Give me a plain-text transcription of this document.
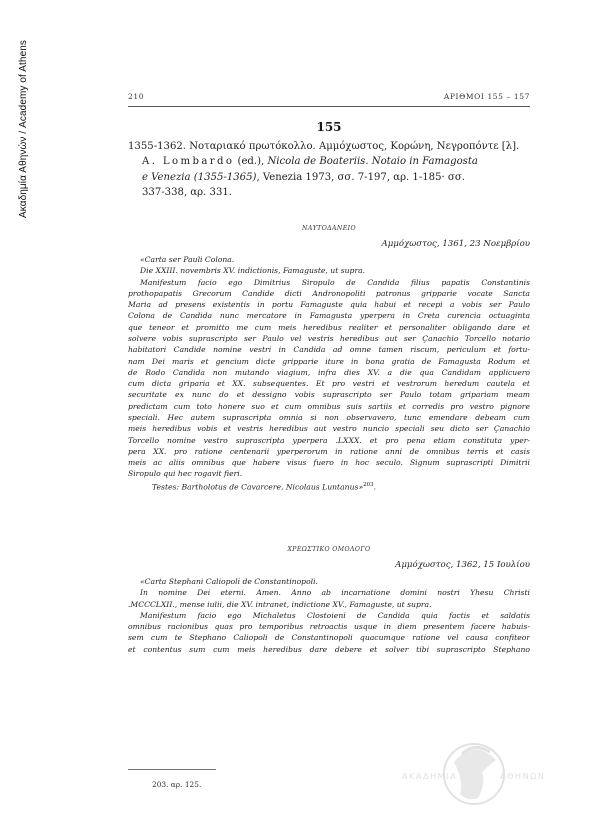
Ακαδημία Αθηνών / Academy of Athens	210	ΑΡΙΘΜΟΙ 155 – 157
155
1355-1362. Νοταριακό πρωτόκολλο. Αμμόχωστος, Κορώνη, Νεγροπόντε [λ].
A. Lombardo (ed.), Nicola de Boateriis. Notaio in Famagosta
e Venezia (1355-1365), Venezia 1973, σσ. 7-197, αρ. 1-185· σσ.
337-338, αρ. 331.
ΝΑΥΤΟΔΑΝΕΙΟ
Αμμόχωστος, 1361, 23 Νοεμβρίου
«Carta ser Pauli Colona.
Die XXIII. novembris XV. indictionis, Famaguste, ut supra.
Manifestum facio ego Dimitrius Siropulo de Candida filius papatis Constantinis
prothopapatis Grecorum Candide dicti Andronopoliti patronus gripparie vocate Sancta
Maria ad presens existentis in portu Famaguste quia habui et recepi a vobis ser Paulo
Colona de Candida nunc mercatore in Famagusta yperpera in Creta curencia octuaginta
que teneor et promitto me cum meis heredibus realiter et personaliter obligando dare et
solvere vobis suprascripto ser Paulo vel vestris heredibus aut ser Çanachio Torcello notario
habitatori Candide nomine vestri in Candida ad omne tamen riscum, periculum et fortu-
nam Dei maris et gencium dicte gripparie iture in bona gratia de Famagusta Rodum et
de Rodo Candida non mutando viagium, infra dies XV. a die qua Candidam applicuero
cum dicta griparia et XX. subsequentes. Et pro vestri et vestrorum heredum cautela et
securitate ex nunc do et dessigno vobis suprascripto ser Paulo totam gripariam meam
predictam cum toto honere suo et cum omnibus suis sartiis et corredis pro vestro pignore
speciali. Hec autem suprascripta omnia si non observavero, tunc emendare debeam cum
meis heredibus vobis et vestris heredibus aut vestro nuncio speciali seu dicto ser Çanachio
Torcello nomine vestro suprascripta yperpera .LXXX. et pro pena etiam constituta yper-
pera XX. pro ratione centenarii yperperorum in ratione anni de omnibus terris et casis
meis ac aliis omnibus que habere visus fuero in hoc seculo. Signum suprascripti Dimitrii
Siropulo qui hec rogavit fieri.
Testes: Bartholotus de Cavarcere, Nicolaus Luntanus»$^{203}$.
ΧΡΕΩΣΤΙΚΟ ΟΜΟΛΟΓΟ
Αμμόχωστος, 1362, 15 Ιουλίου
«Carta Stephani Caliopoli de Constantinopoli.
In nomine Dei eterni. Amen. Anno ab incarnatione domini nostri Yhesu Christi
.MCCCLXII., mense iulii, die XV. intranet, indictione XV., Famaguste, ut supra.
Manifestum facio ego Michaletus Clostoieni de Candida quia factis et saldatis
omnibus racionibus quas pro temporibus retroactis usque in diem presentem facere habuis-
sem cum te Stephano Caliopoli de Constantinopoli quacumque ratione vel causa confiteor
et contentus sum cum meis heredibus dare debere et solver tibi suprascripto Stephano
203. αρ. 125.
ΑΚΑΔΗΜΙΑ	ΑΘΗΝΩΝ
